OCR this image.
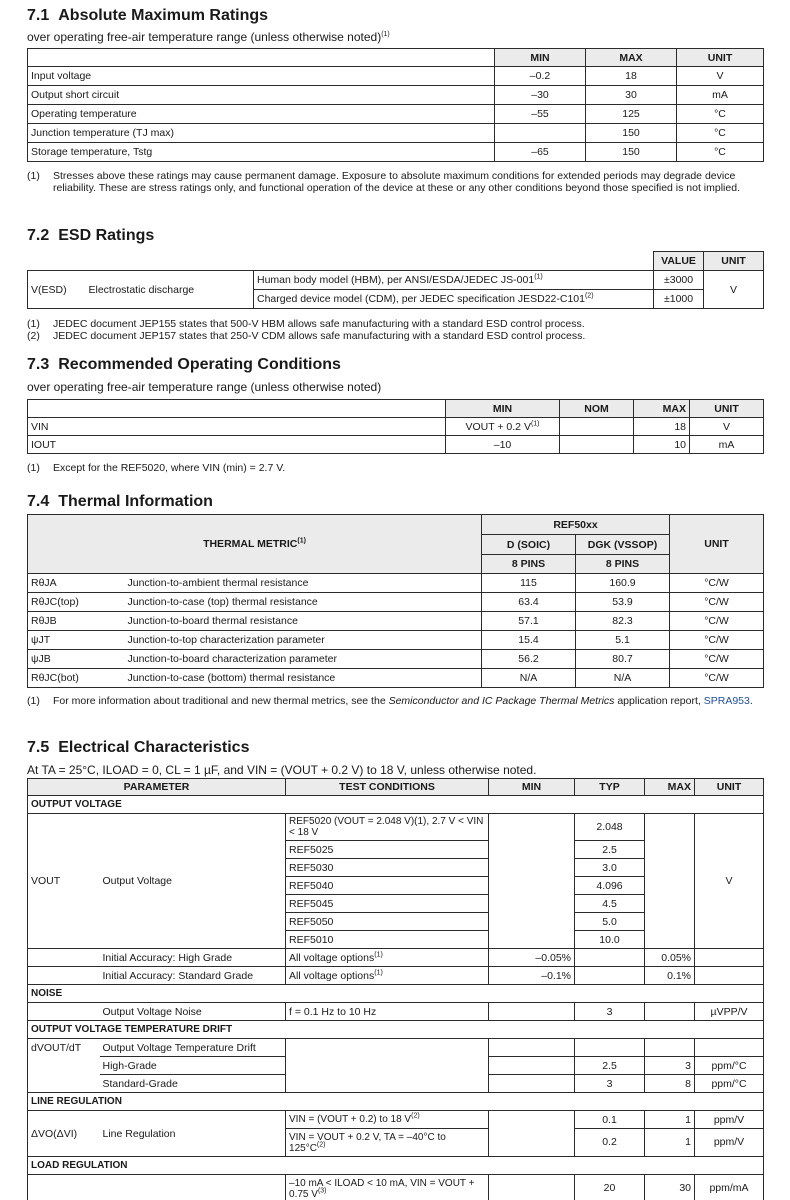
7.1 Absolute Maximum Ratings
over operating free-air temperature range (unless otherwise noted)$^{(1)}$
	MIN	MAX	UNIT
Input voltage	–0.2	18	V
Output short circuit	–30	30	mA
Operating temperature	–55	125	°C
Junction temperature (TJ max)		150	°C
Storage temperature, Tstg	–65	150	°C
(1)	Stresses above these ratings may cause permanent damage. Exposure to absolute maximum conditions for extended periods may degrade device reliability. These are stress ratings only, and functional operation of the device at these or any other conditions beyond those specified is not implied.
7.2 ESD Ratings
			VALUE	UNIT
V(ESD)	Electrostatic discharge	Human body model (HBM), per ANSI/ESDA/JEDEC $JS-001^{(1)}$	±3000	V
		Charged device model (CDM), per JEDEC specification $JESD22-C101^{(2)}$	±1000	
(1)	JEDEC document JEP155 states that 500-V HBM allows safe manufacturing with a standard ESD control process.
(2)	JEDEC document JEP157 states that 250-V CDM allows safe manufacturing with a standard ESD control process.
7.3 Recommended Operating Conditions
over operating free-air temperature range (unless otherwise noted)
	MIN	NOM	MAX	UNIT
VIN	VOUT + 0.2 $V^{(1)}$		18	V
IOUT	–10		10	mA
(1)	Except for the REF5020, where VIN (min) = 2.7 V.
7.4 Thermal Information
THERMAL METRIC$^{(1)}$		REF50xx		UNIT
		D (SOIC)	DGK (VSSOP)	
		8 PINS	8 PINS	
RθJA	Junction-to-ambient thermal resistance	115	160.9	°C/W
RθJC(top)	Junction-to-case (top) thermal resistance	63.4	53.9	°C/W
RθJB	Junction-to-board thermal resistance	57.1	82.3	°C/W
ψJT	Junction-to-top characterization parameter	15.4	5.1	°C/W
ψJB	Junction-to-board characterization parameter	56.2	80.7	°C/W
RθJC(bot)	Junction-to-case (bottom) thermal resistance	N/A	N/A	°C/W
(1)	For more information about traditional and new thermal metrics, see the Semiconductor and IC Package Thermal Metrics application report, SPRA953.
7.5 Electrical Characteristics
At TA = 25°C, ILOAD = 0, CL = 1 µF, and VIN = (VOUT + 0.2 V) to 18 V, unless otherwise noted.
PARAMETER		TEST CONDITIONS	MIN	TYP	MAX	UNIT
OUTPUT VOLTAGE						
VOUT	Output Voltage	REF5020 (VOUT = 2.048 V)(1), 2.7 V < VIN < 18 V		2.048		V
		REF5025		2.5		
		REF5030		3.0		
		REF5040		4.096		
		REF5045		4.5		
		REF5050		5.0		
		REF5010		10.0		
	Initial Accuracy: High Grade	All voltage options$^{(1)}$	–0.05%		0.05%	
	Initial Accuracy: Standard Grade	All voltage options$^{(1)}$	–0.1%		0.1%	
NOISE						
	Output Voltage Noise	f = 0.1 Hz to 10 Hz		3		µVPP/V
OUTPUT VOLTAGE TEMPERATURE DRIFT						
dVOUT/dT	Output Voltage Temperature Drift					
	High-Grade			2.5	3	ppm/°C
	Standard-Grade			3	8	ppm/°C
LINE REGULATION						
ΔVO(ΔVI)	Line Regulation	VIN = (VOUT + 0.2) to 18 $V^{(2)}$		0.1	1	ppm/V
		VIN = VOUT + 0.2 V, TA = –40°C to $125^\circ C^{(2)}$		0.2	1	ppm/V
LOAD REGULATION						
		–10 mA < ILOAD < 10 mA, VIN = VOUT + 0.75 $V^{(3)}$		20	30	ppm/mA
